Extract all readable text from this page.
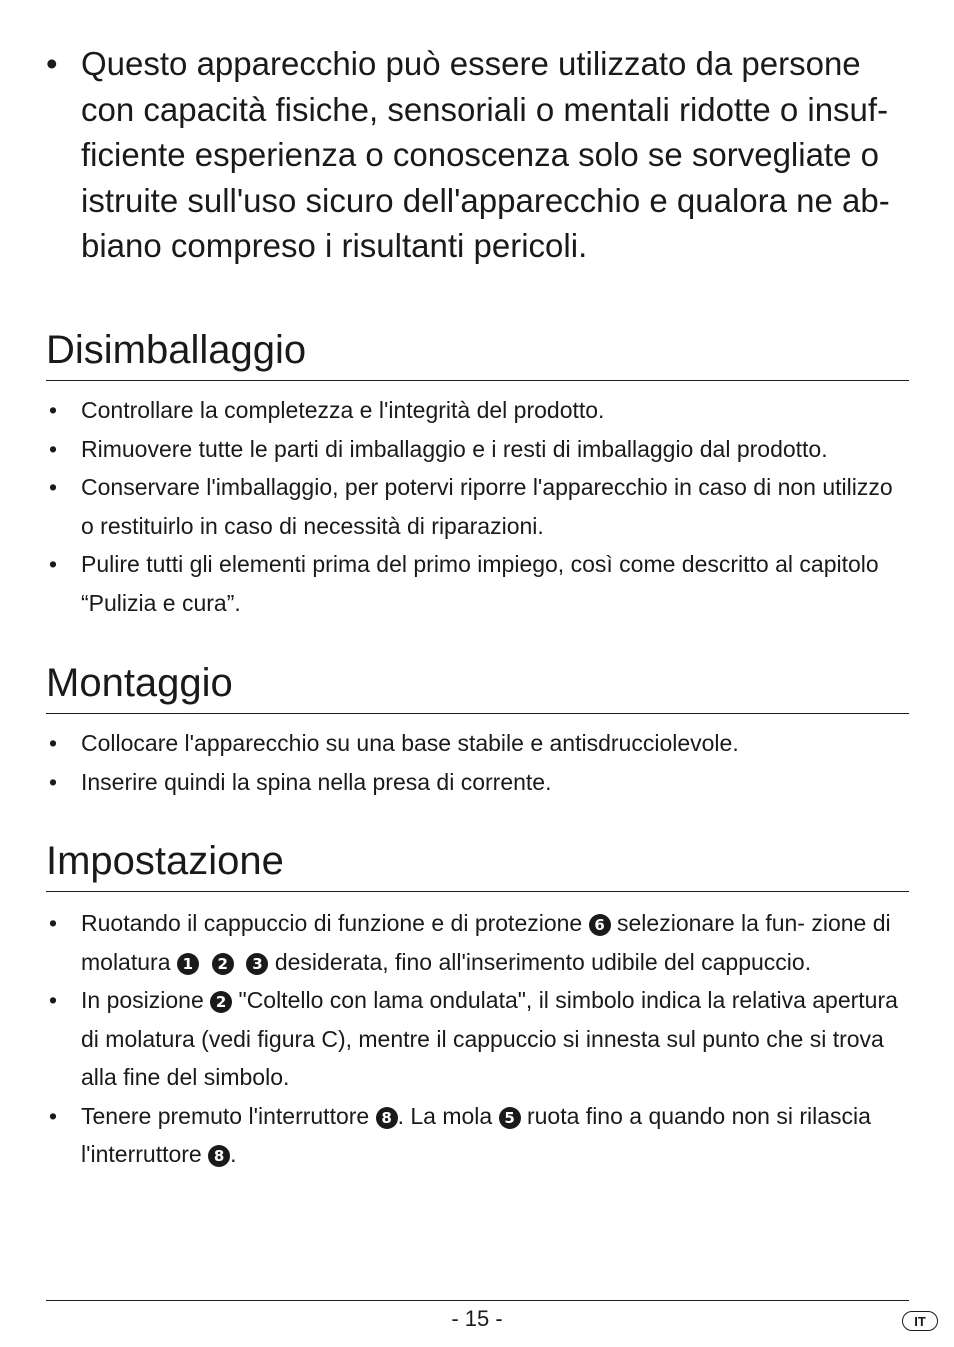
• Questo apparecchio può essere utilizzato da persone con capacità fisiche, sensoriali o mentali ridotte o insuf- ficiente esperienza o conoscenza solo se sorvegliate o istruite sull'uso sicuro dell'apparecchio e qualora ne ab- biano compreso i risultanti pericoli.
Disimballaggio
• Controllare la completezza e l'integrità del prodotto.
• Rimuovere tutte le parti di imballaggio e i resti di imballaggio dal prodotto.
• Conservare l'imballaggio, per potervi riporre l'apparecchio in caso di non utilizzo o restituirlo in caso di necessità di riparazioni.
• Pulire tutti gli elementi prima del primo impiego, così come descritto al capitolo “Pulizia e cura”.
Montaggio
• Collocare l'apparecchio su una base stabile e antisdrucciolevole.
• Inserire quindi la spina nella presa di corrente.
Impostazione
• Ruotando il cappuccio di funzione e di protezione 6 selezionare la fun- zione di molatura 1 2 3 desiderata, fino all'inserimento udibile del cappuccio.
• In posizione 2 "Coltello con lama ondulata", il simbolo indica la relativa apertura di molatura (vedi figura C), mentre il cappuccio si innesta sul punto che si trova alla fine del simbolo.
• Tenere premuto l'interruttore 8 . La mola 5 ruota fino a quando non si rilascia l'interruttore 8 .
- 15 -	IT
